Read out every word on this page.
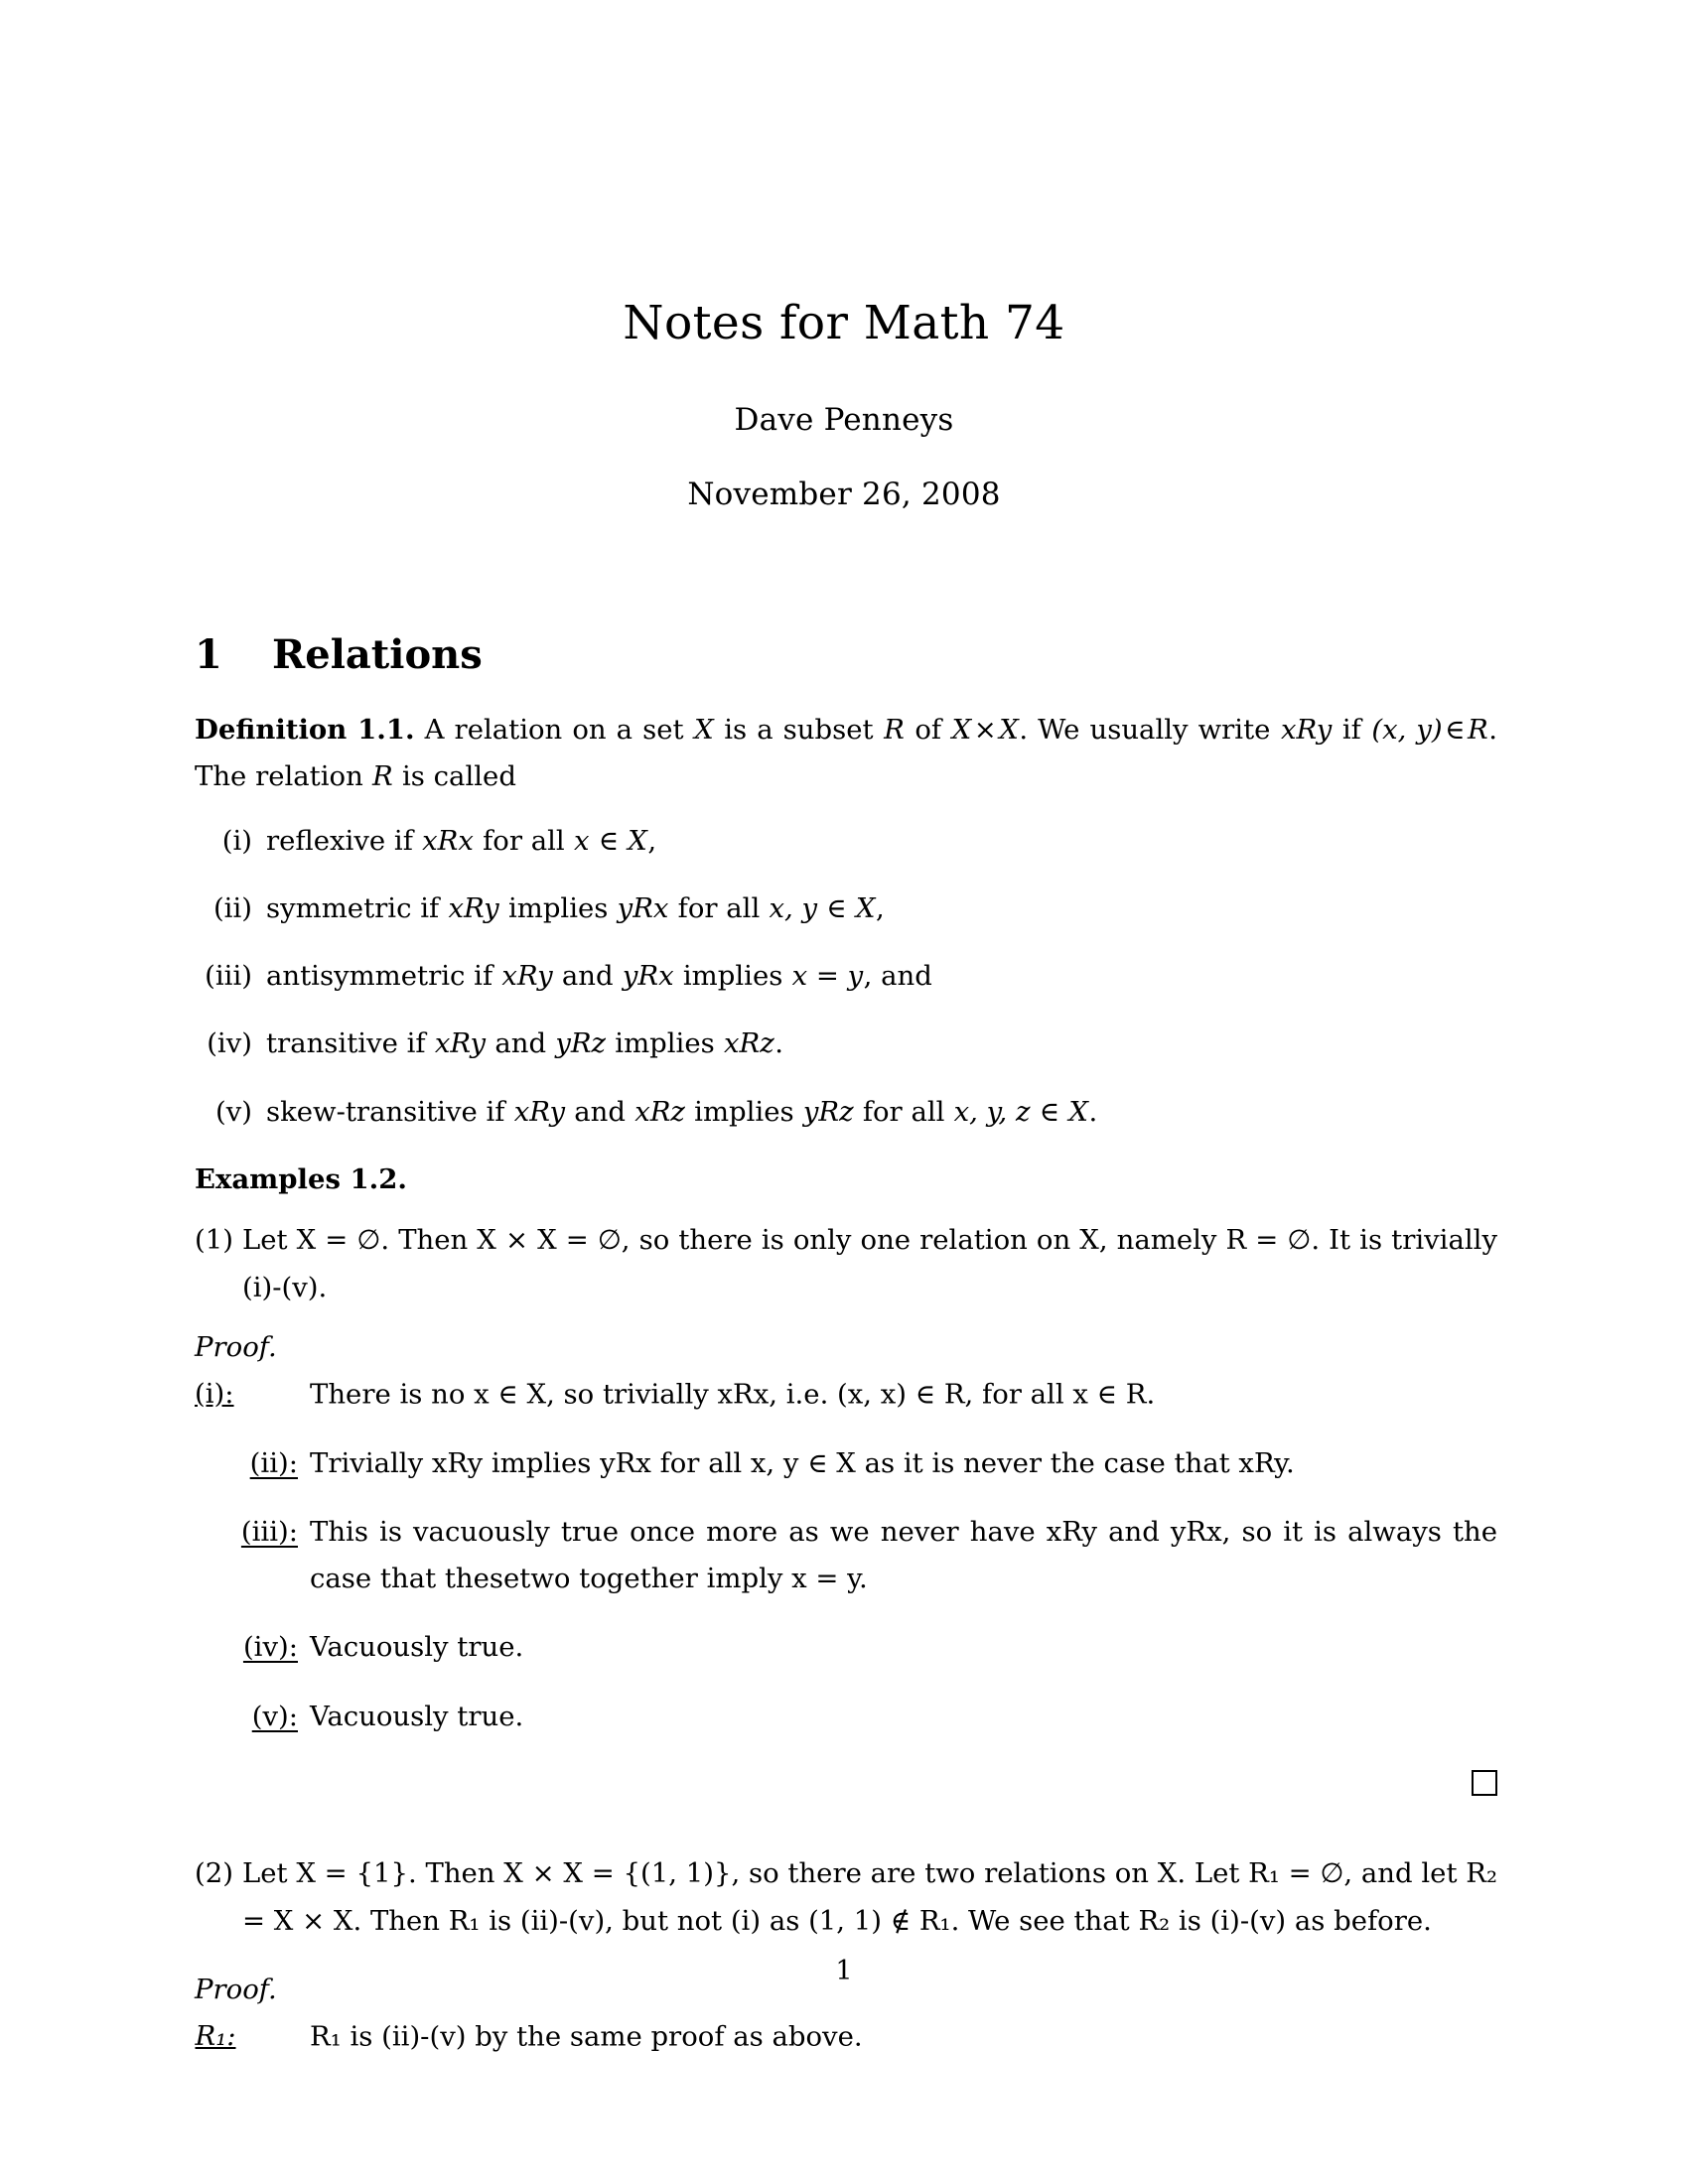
Notes for Math 74
Dave Penneys
November 26, 2008
1	Relations

Definition 1.1. A relation on a set X is a subset R of X×X. We usually write xRy if (x, y)∈R. The relation R is called

(i) reflexive if xRx for all x ∈ X,
(ii) symmetric if xRy implies yRx for all x, y ∈ X,
(iii) antisymmetric if xRy and yRx implies x = y, and
(iv) transitive if xRy and yRz implies xRz.
(v) skew-transitive if xRy and xRz implies yRz for all x, y, z ∈ X.

Examples 1.2.

(1) Let X = ∅. Then X × X = ∅, so there is only one relation on X, namely R = ∅. It is trivially (i)-(v).
Proof.(i):	There is no x ∈ X, so trivially xRx, i.e. (x, x) ∈ R, for all x ∈ R.
(ii): Trivially xRy implies yRx for all x, y ∈ X as it is never the case that xRy.
(iii): This is vacuously true once more as we never have xRy and yRx, so it is always the case that thesetwo together imply x = y.
(iv): Vacuously true.
(v): Vacuously true.
(2) Let X = {1}. Then X × X = {(1, 1)}, so there are two relations on X. Let R₁ = ∅, and let R₂ = X × X. Then R₁ is (ii)-(v), but not (i) as (1, 1) ∉ R₁. We see that R₂ is (i)-(v) as before.
Proof.R₁:	R₁ is (ii)-(v) by the same proof as above.
1
